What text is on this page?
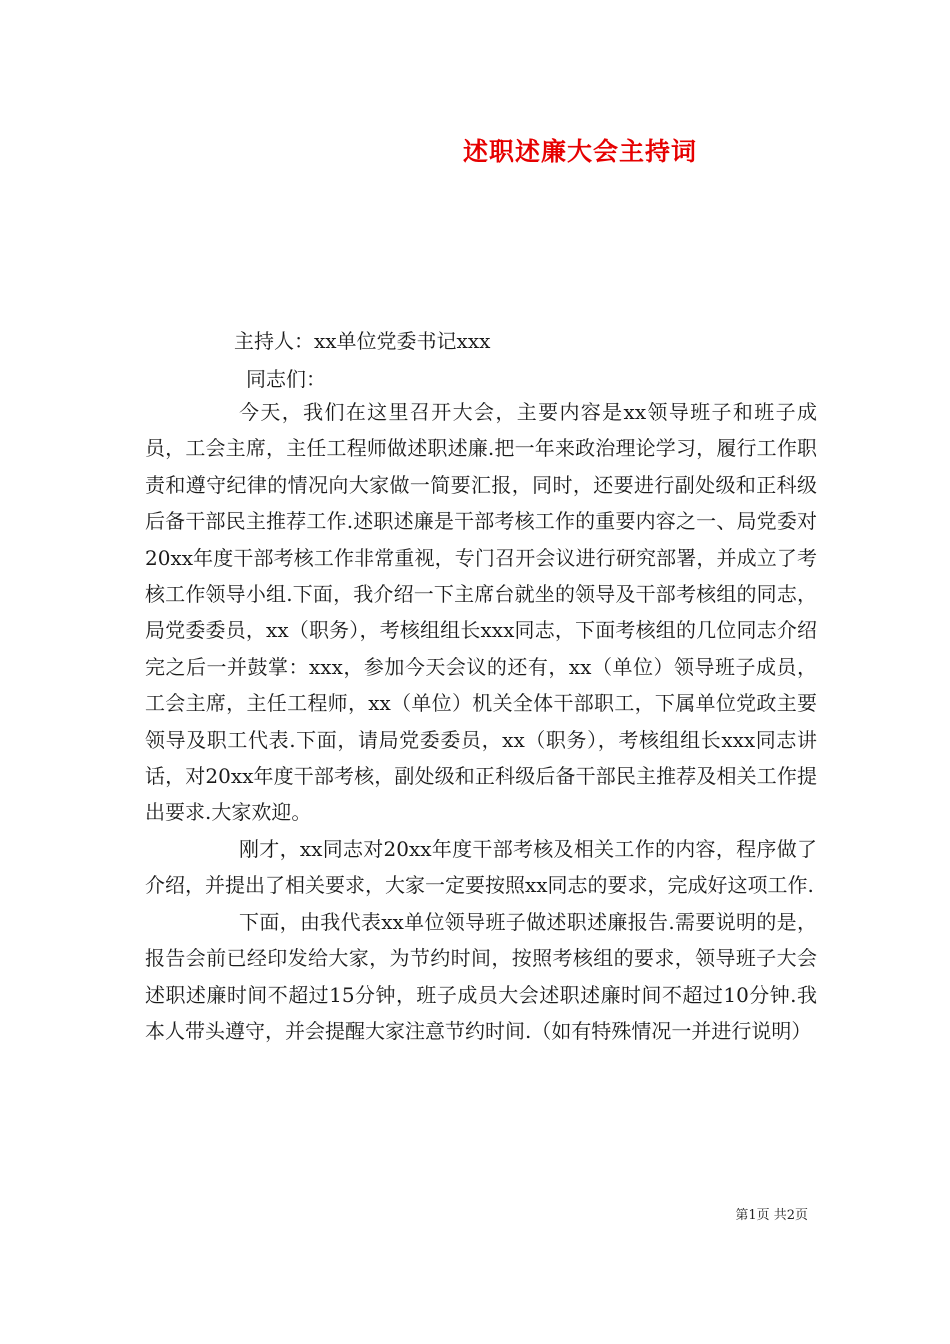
述职述廉大会主持词
主持人：xx单位党委书记xxx
同志们：

今天，我们在这里召开大会，主要内容是xx领导班子和班子成员，工会主席，主任工程师做述职述廉.把一年来政治理论学习，履行工作职责和遵守纪律的情况向大家做一简要汇报，同时，还要进行副处级和正科级后备干部民主推荐工作.述职述廉是干部考核工作的重要内容之一、局党委对20xx年度干部考核工作非常重视，专门召开会议进行研究部署，并成立了考核工作领导小组.下面，我介绍一下主席台就坐的领导及干部考核组的同志，局党委委员，xx（职务），考核组组长xxx同志，下面考核组的几位同志介绍完之后一并鼓掌：xxx，参加今天会议的还有，xx（单位）领导班子成员，工会主席，主任工程师，xx（单位）机关全体干部职工，下属单位党政主要领导及职工代表.下面，请局党委委员，xx（职务），考核组组长xxx同志讲话，对20xx年度干部考核，副处级和正科级后备干部民主推荐及相关工作提出要求.大家欢迎。

刚才，xx同志对20xx年度干部考核及相关工作的内容，程序做了介绍，并提出了相关要求，大家一定要按照xx同志的要求，完成好这项工作.

下面，由我代表xx单位领导班子做述职述廉报告.需要说明的是，报告会前已经印发给大家，为节约时间，按照考核组的要求，领导班子大会述职述廉时间不超过15分钟，班子成员大会述职述廉时间不超过10分钟.我本人带头遵守，并会提醒大家注意节约时间.（如有特殊情况一并进行说明）

第1页 共2页
